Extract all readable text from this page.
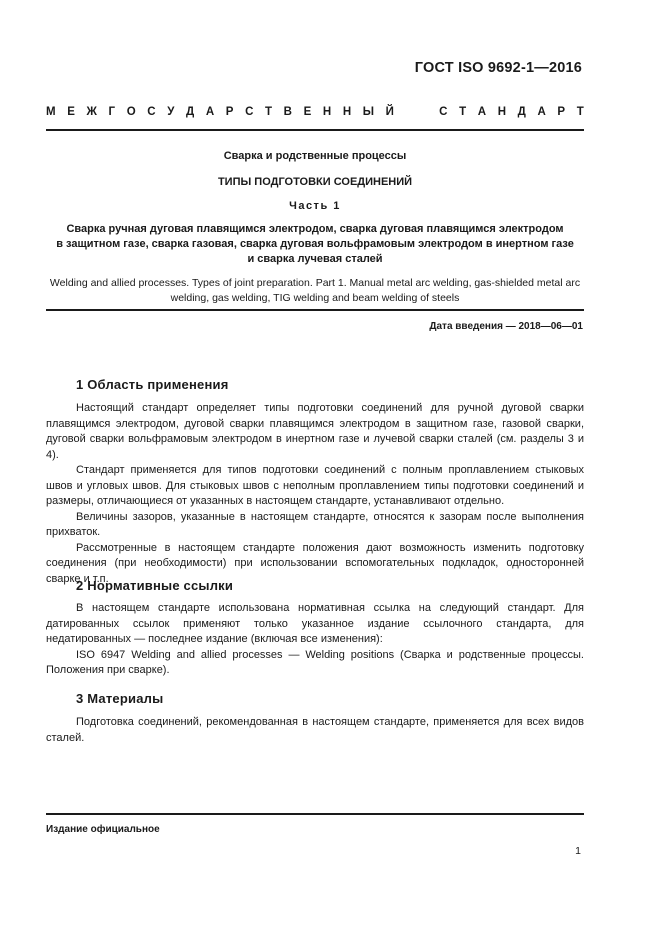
ГОСТ ISO 9692-1—2016
М Е Ж Г О С У Д А Р С Т В Е Н Н Ы Й	С Т А Н Д А Р Т
Сварка и родственные процессы
ТИПЫ ПОДГОТОВКИ СОЕДИНЕНИЙ
Часть 1
Сварка ручная дуговая плавящимся электродом, сварка дуговая плавящимся электродом
в защитном газе, сварка газовая, сварка дуговая вольфрамовым электродом в инертном газе
и сварка лучевая сталей
Welding and allied processes. Types of joint preparation. Part 1. Manual metal arc welding, gas-shielded metal arc
welding, gas welding, TIG welding and beam welding of steels
Дата введения — 2018—06—01
1 Область применения

Настоящий стандарт определяет типы подготовки соединений для ручной дуговой сварки плавящимся электродом, дуговой сварки плавящимся электродом в защитном газе, газовой сварки, дуговой сварки вольфрамовым электродом в инертном газе и лучевой сварки сталей (см. разделы 3 и 4).

Стандарт применяется для типов подготовки соединений с полным проплавлением стыковых швов и угловых швов. Для стыковых швов с неполным проплавлением типы подготовки соединений и размеры, отличающиеся от указанных в настоящем стандарте, устанавливают отдельно.

Величины зазоров, указанные в настоящем стандарте, относятся к зазорам после выполнения прихваток.

Рассмотренные в настоящем стандарте положения дают возможность изменить подготовку соединения (при необходимости) при использовании вспомогательных подкладок, односторонней сварке и т.п.

2 Нормативные ссылки

В настоящем стандарте использована нормативная ссылка на следующий стандарт. Для датированных ссылок применяют только указанное издание ссылочного стандарта, для недатированных — последнее издание (включая все изменения):

ISO 6947 Welding and allied processes — Welding positions (Сварка и родственные процессы. Положения при сварке).

3 Материалы

Подготовка соединений, рекомендованная в настоящем стандарте, применяется для всех видов сталей.

Издание официальное
1
